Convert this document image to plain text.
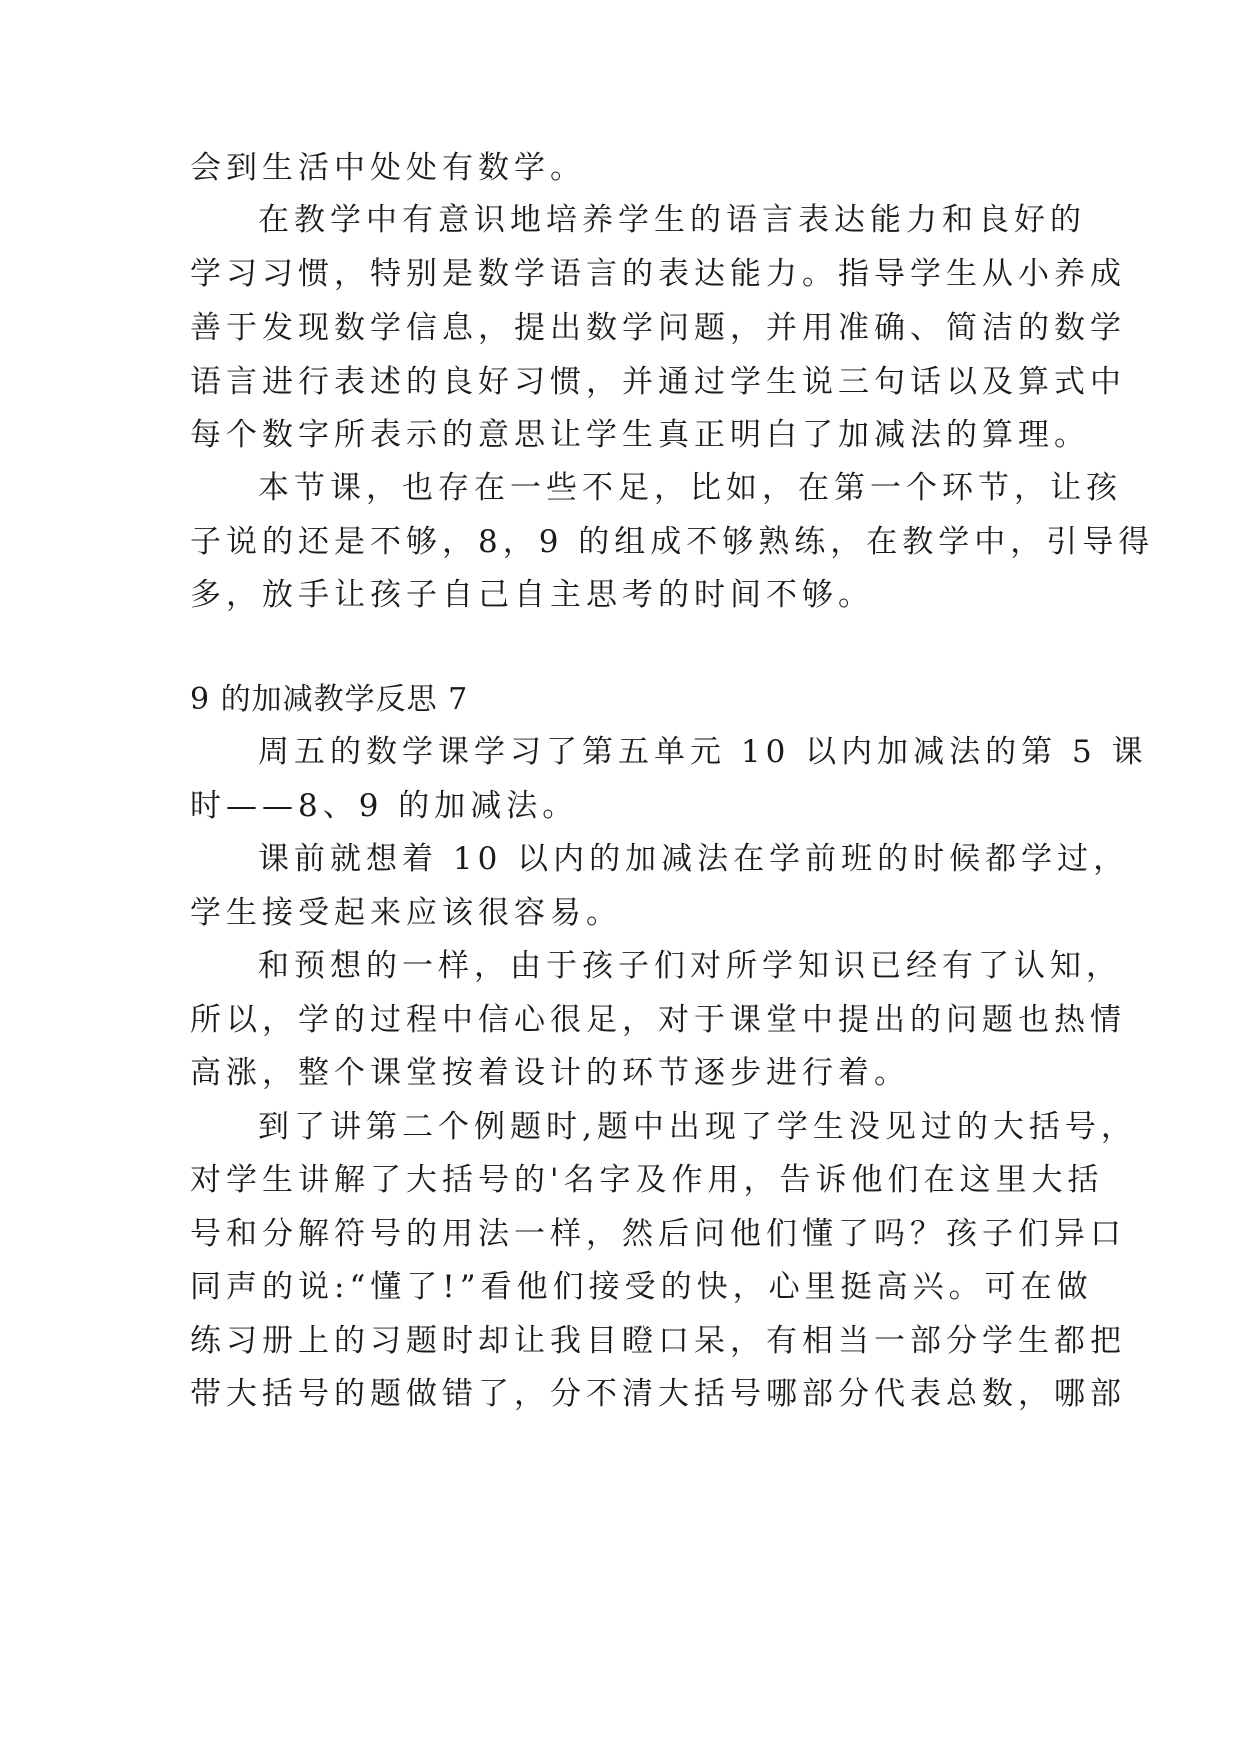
会到生活中处处有数学。
在教学中有意识地培养学生的语言表达能力和良好的
学习习惯，特别是数学语言的表达能力。指导学生从小养成
善于发现数学信息，提出数学问题，并用准确、简洁的数学
语言进行表述的良好习惯，并通过学生说三句话以及算式中
每个数字所表示的意思让学生真正明白了加减法的算理。
本节课，也存在一些不足，比如，在第一个环节，让孩
子说的还是不够，8，9 的组成不够熟练，在教学中，引导得
多，放手让孩子自己自主思考的时间不够。
9 的加减教学反思 7
周五的数学课学习了第五单元 10 以内加减法的第 5 课
时——8、9 的加减法。
课前就想着 10 以内的加减法在学前班的时候都学过，
学生接受起来应该很容易。
和预想的一样，由于孩子们对所学知识已经有了认知，
所以，学的过程中信心很足，对于课堂中提出的问题也热情
高涨，整个课堂按着设计的环节逐步进行着。
到了讲第二个例题时,题中出现了学生没见过的大括号，
对学生讲解了大括号的'名字及作用，告诉他们在这里大括
号和分解符号的用法一样，然后问他们懂了吗？孩子们异口
同声的说:“懂了!”看他们接受的快，心里挺高兴。可在做
练习册上的习题时却让我目瞪口呆，有相当一部分学生都把
带大括号的题做错了，分不清大括号哪部分代表总数，哪部
